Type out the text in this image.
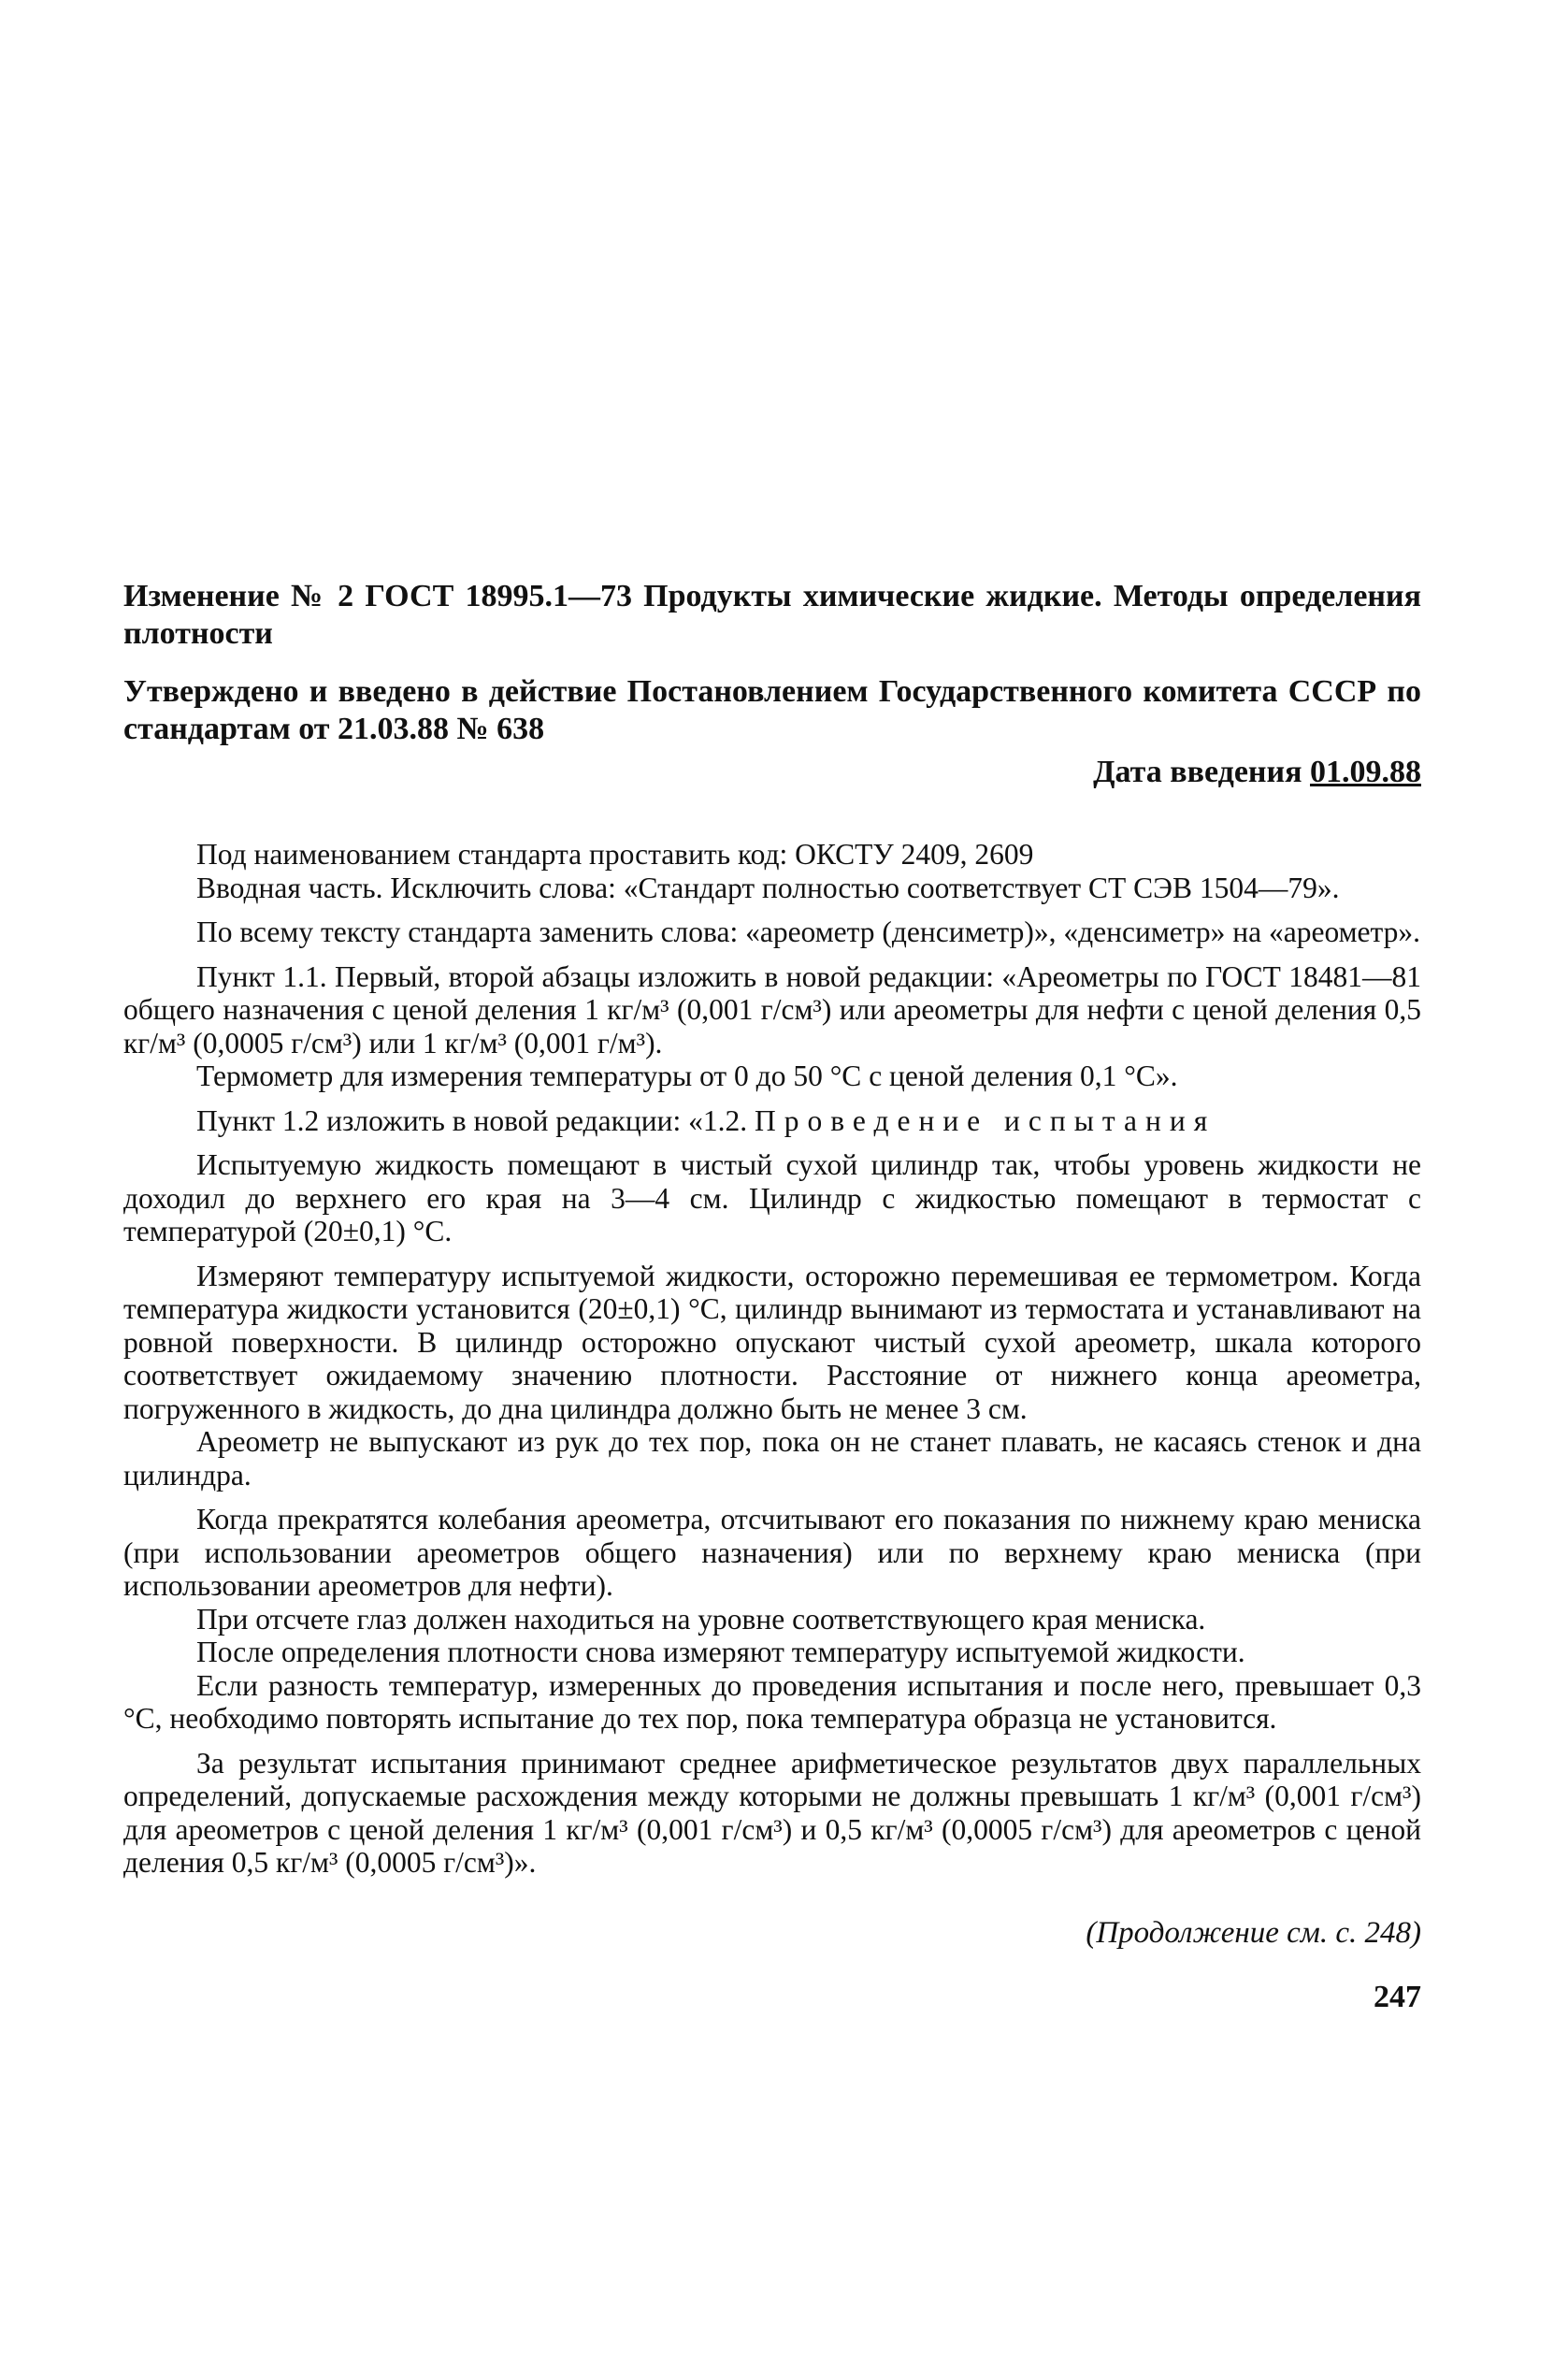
Изменение № 2 ГОСТ 18995.1—73 Продукты химические жидкие. Методы определения плотности

Утверждено и введено в действие Постановлением Государственного комитета СССР по стандартам от 21.03.88 № 638

Дата введения 01.09.88

Под наименованием стандарта проставить код: ОКСТУ 2409, 2609

Вводная часть. Исключить слова: «Стандарт полностью соответствует СТ СЭВ 1504—79».

По всему тексту стандарта заменить слова: «ареометр (денсиметр)», «денсиметр» на «ареометр».

Пункт 1.1. Первый, второй абзацы изложить в новой редакции: «Ареометры по ГОСТ 18481—81 общего назначения с ценой деления 1 кг/м³ (0,001 г/см³) или ареометры для нефти с ценой деления 0,5 кг/м³ (0,0005 г/см³) или 1 кг/м³ (0,001 г/м³).

Термометр для измерения температуры от 0 до 50 °С с ценой деления 0,1 °С».

Пункт 1.2 изложить в новой редакции: «1.2. Проведение испытания

Испытуемую жидкость помещают в чистый сухой цилиндр так, чтобы уровень жидкости не доходил до верхнего его края на 3—4 см. Цилиндр с жидкостью помещают в термостат с температурой (20±0,1) °С.

Измеряют температуру испытуемой жидкости, осторожно перемешивая ее термометром. Когда температура жидкости установится (20±0,1) °С, цилиндр вынимают из термостата и устанавливают на ровной поверхности. В цилиндр осторожно опускают чистый сухой ареометр, шкала которого соответствует ожидаемому значению плотности. Расстояние от нижнего конца ареометра, погруженного в жидкость, до дна цилиндра должно быть не менее 3 см.

Ареометр не выпускают из рук до тех пор, пока он не станет плавать, не касаясь стенок и дна цилиндра.

Когда прекратятся колебания ареометра, отсчитывают его показания по нижнему краю мениска (при использовании ареометров общего назначения) или по верхнему краю мениска (при использовании ареометров для нефти).

При отсчете глаз должен находиться на уровне соответствующего края мениска.

После определения плотности снова измеряют температуру испытуемой жидкости.

Если разность температур, измеренных до проведения испытания и после него, превышает 0,3 °С, необходимо повторять испытание до тех пор, пока температура образца не установится.

За результат испытания принимают среднее арифметическое результатов двух параллельных определений, допускаемые расхождения между которыми не должны превышать 1 кг/м³ (0,001 г/см³) для ареометров с ценой деления 1 кг/м³ (0,001 г/см³) и 0,5 кг/м³ (0,0005 г/см³) для ареометров с ценой деления 0,5 кг/м³ (0,0005 г/см³)».

(Продолжение см. с. 248)

247
